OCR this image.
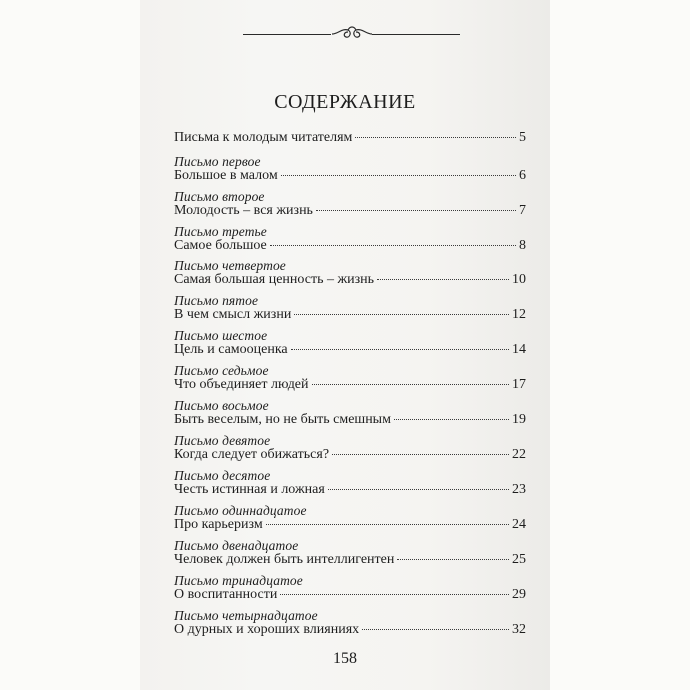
СОДЕРЖАНИЕ
Письма к молодым читателям	5
Письмо первое
Большое в малом	6
Письмо второе
Молодость – вся жизнь	7
Письмо третье
Самое большое	8
Письмо четвертое
Самая большая ценность – жизнь	10
Письмо пятое
В чем смысл жизни	12
Письмо шестое
Цель и самооценка	14
Письмо седьмое
Что объединяет людей	17
Письмо восьмое
Быть веселым, но не быть смешным	19
Письмо девятое
Когда следует обижаться?	22
Письмо десятое
Честь истинная и ложная	23
Письмо одиннадцатое
Про карьеризм	24
Письмо двенадцатое
Человек должен быть интеллигентен	25
Письмо тринадцатое
О воспитанности	29
Письмо четырнадцатое
О дурных и хороших влияниях	32
158
